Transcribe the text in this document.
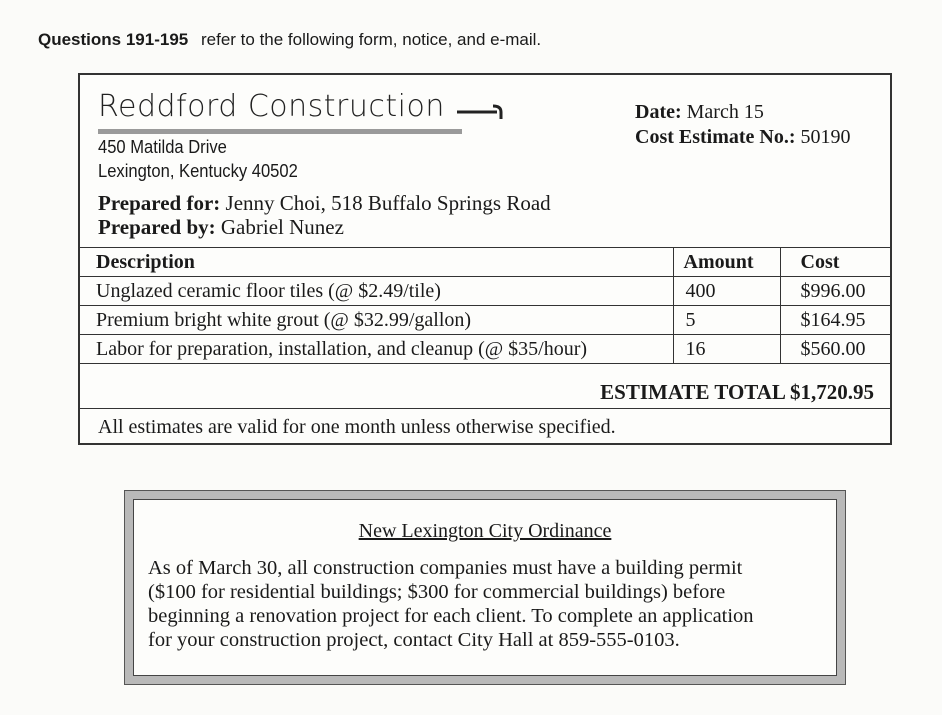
Questions 191-195 refer to the following form, notice, and e-mail.
Reddford Construction
450 Matilda Drive
Lexington, Kentucky 40502
Date: March 15
Cost Estimate No.: 50190
Prepared for: Jenny Choi, 518 Buffalo Springs Road
Prepared by: Gabriel Nunez
Description	Amount	Cost
Unglazed ceramic floor tiles (@ $2.49/tile)	400	$996.00
Premium bright white grout (@ $32.99/gallon)	5	$164.95
Labor for preparation, installation, and cleanup (@ $35/hour)	16	$560.00
ESTIMATE TOTAL $1,720.95
All estimates are valid for one month unless otherwise specified.
New Lexington City Ordinance
As of March 30, all construction companies must have a building permit
($100 for residential buildings; $300 for commercial buildings) before
beginning a renovation project for each client. To complete an application
for your construction project, contact City Hall at 859-555-0103.
